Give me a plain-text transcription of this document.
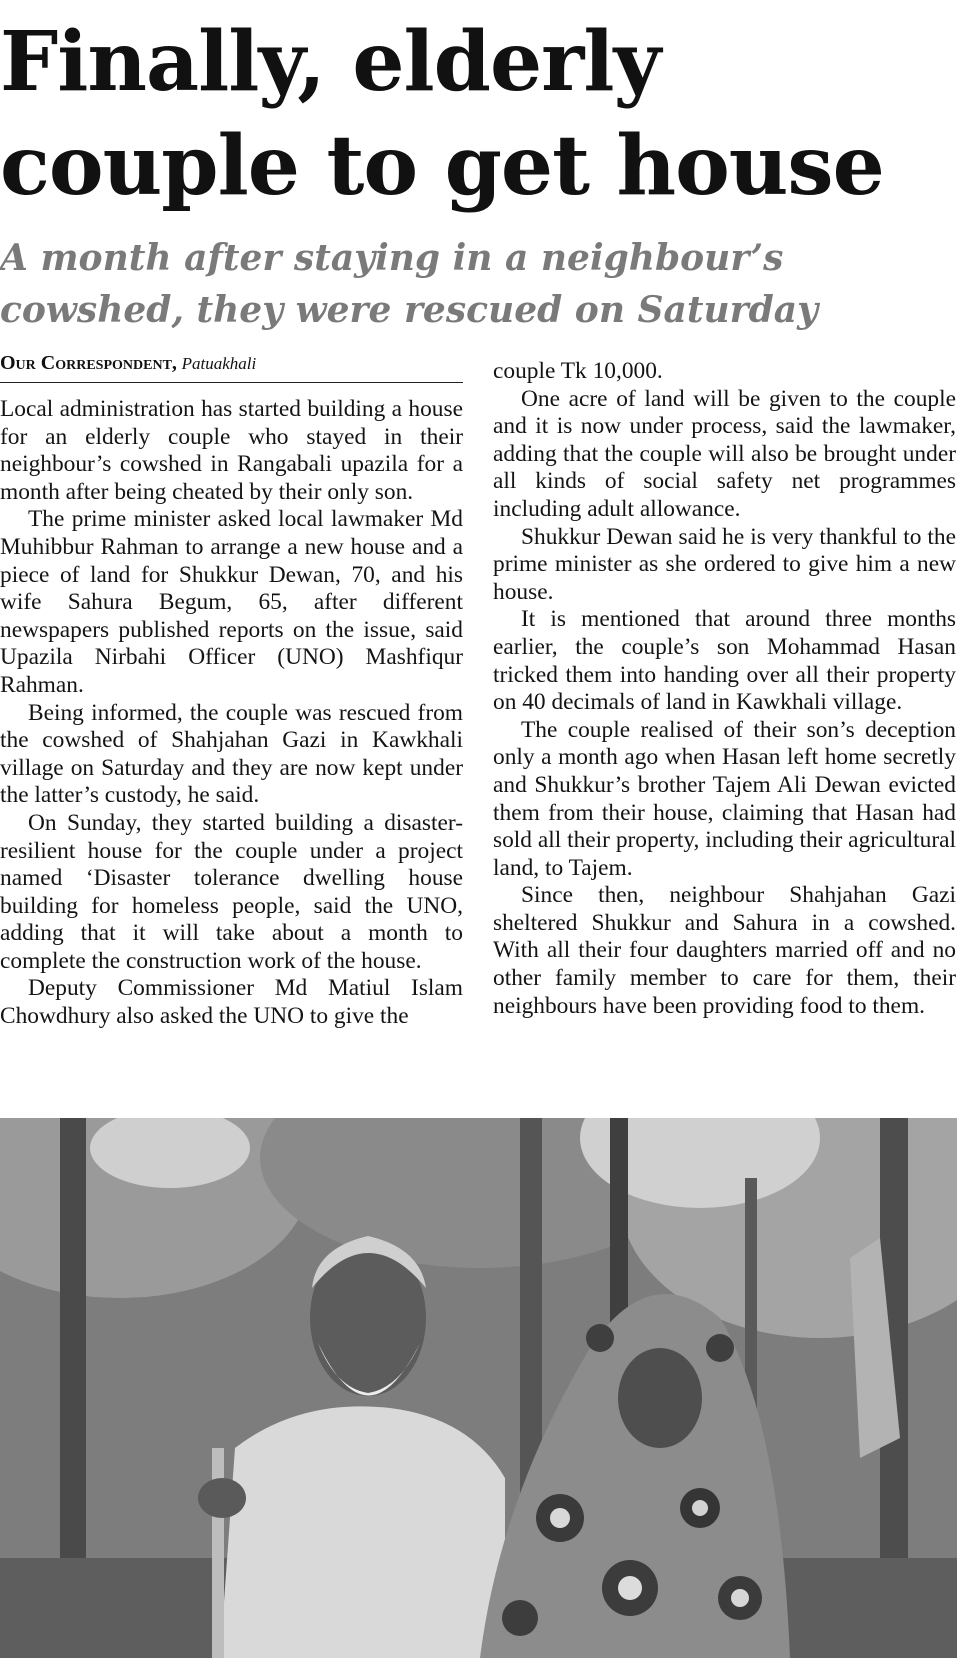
Finally, elderly couple to get house
A month after staying in a neighbour’s cowshed, they were rescued on Saturday
Our Correspondent, Patuakhali

Local administration has started building a house for an elderly couple who stayed in their neighbour’s cowshed in Rangabali upazila for a month after being cheated by their only son.

The prime minister asked local lawmaker Md Muhibbur Rahman to arrange a new house and a piece of land for Shukkur Dewan, 70, and his wife Sahura Begum, 65, after different newspapers published reports on the issue, said Upazila Nirbahi Officer (UNO) Mashfiqur Rahman.

Being informed, the couple was rescued from the cowshed of Shahjahan Gazi in Kawkhali village on Saturday and they are now kept under the latter’s custody, he said.

On Sunday, they started building a disaster-resilient house for the couple under a project named ‘Disaster tolerance dwelling house building for homeless people, said the UNO, adding that it will take about a month to complete the construction work of the house.

Deputy Commissioner Md Matiul Islam Chowdhury also asked the UNO to give the

couple Tk 10,000.

One acre of land will be given to the couple and it is now under process, said the lawmaker, adding that the couple will also be brought under all kinds of social safety net programmes including adult allowance.

Shukkur Dewan said he is very thankful to the prime minister as she ordered to give him a new house.

It is mentioned that around three months earlier, the couple’s son Mohammad Hasan tricked them into handing over all their property on 40 decimals of land in Kawkhali village.

The couple realised of their son’s deception only a month ago when Hasan left home secretly and Shukkur’s brother Tajem Ali Dewan evicted them from their house, claiming that Hasan had sold all their property, including their agricultural land, to Tajem.

Since then, neighbour Shahjahan Gazi sheltered Shukkur and Sahura in a cowshed. With all their four daughters married off and no other family member to care for them, their neighbours have been providing food to them.
